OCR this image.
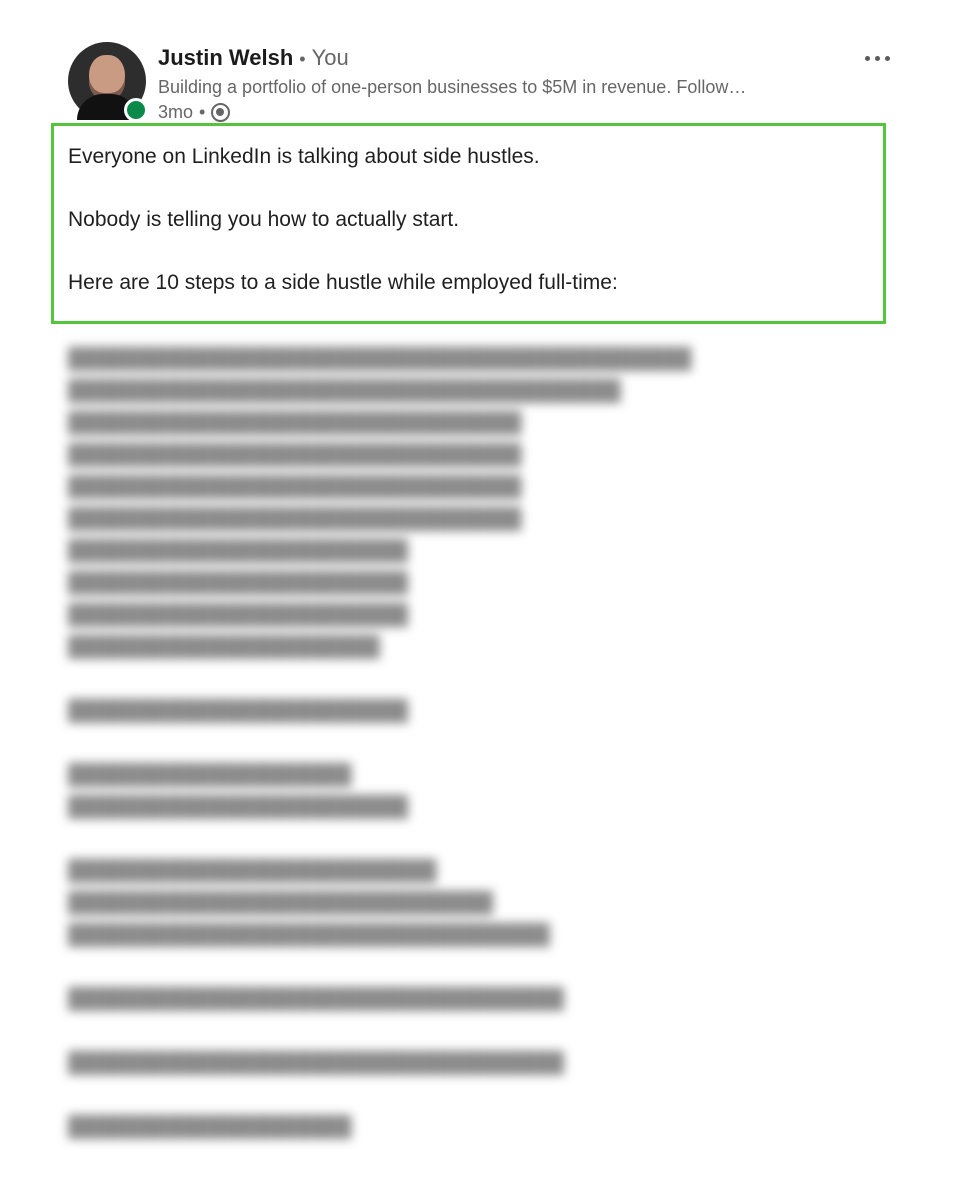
Justin Welsh • You
Building a portfolio of one-person businesses to $5M in revenue. Follow…
3mo •

Everyone on LinkedIn is talking about side hustles.

Nobody is telling you how to actually start.

Here are 10 steps to a side hustle while employed full-time:

████████████████████████████████████████████
███████████████████████████████████████
████████████████████████████████
████████████████████████████████
████████████████████████████████
████████████████████████████████
████████████████████████
████████████████████████
████████████████████████
██████████████████████
████████████████████████
████████████████████
████████████████████████
██████████████████████████
██████████████████████████████
██████████████████████████████████
███████████████████████████████████
███████████████████████████████████
████████████████████
